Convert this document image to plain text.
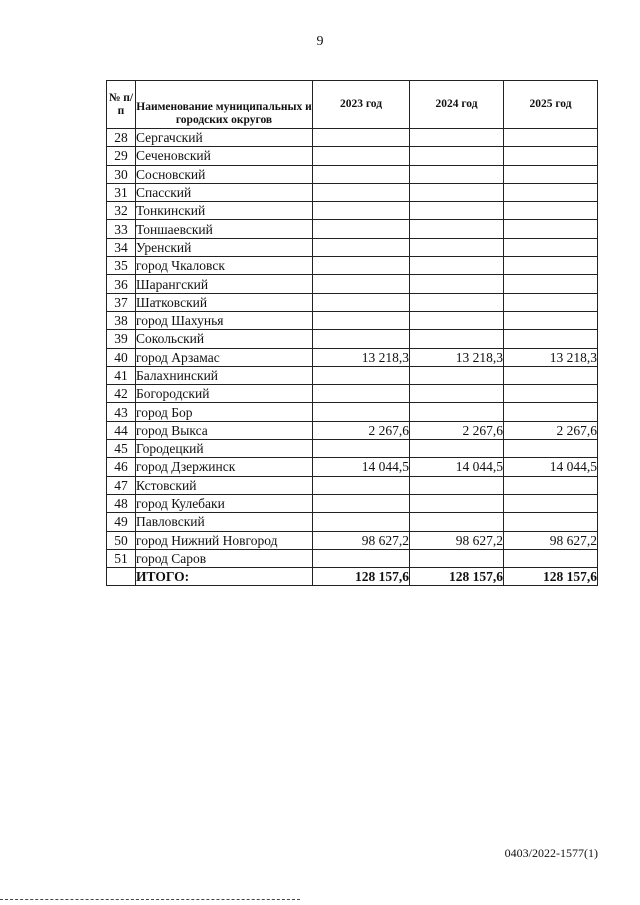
9
№ п/п	Наименование муниципальных и городских округов	2023 год	2024 год	2025 год
28	Сергачский			
29	Сеченовский			
30	Сосновский			
31	Спасский			
32	Тонкинский			
33	Тоншаевский			
34	Уренский			
35	город Чкаловск			
36	Шарангский			
37	Шатковский			
38	город Шахунья			
39	Сокольский			
40	город Арзамас	13 218,3	13 218,3	13 218,3
41	Балахнинский			
42	Богородский			
43	город Бор			
44	город Выкса	2 267,6	2 267,6	2 267,6
45	Городецкий			
46	город Дзержинск	14 044,5	14 044,5	14 044,5
47	Кстовский			
48	город Кулебаки			
49	Павловский			
50	город Нижний Новгород	98 627,2	98 627,2	98 627,2
51	город Саров			
	ИТОГО:	128 157,6	128 157,6	128 157,6
0403/2022-1577(1)
